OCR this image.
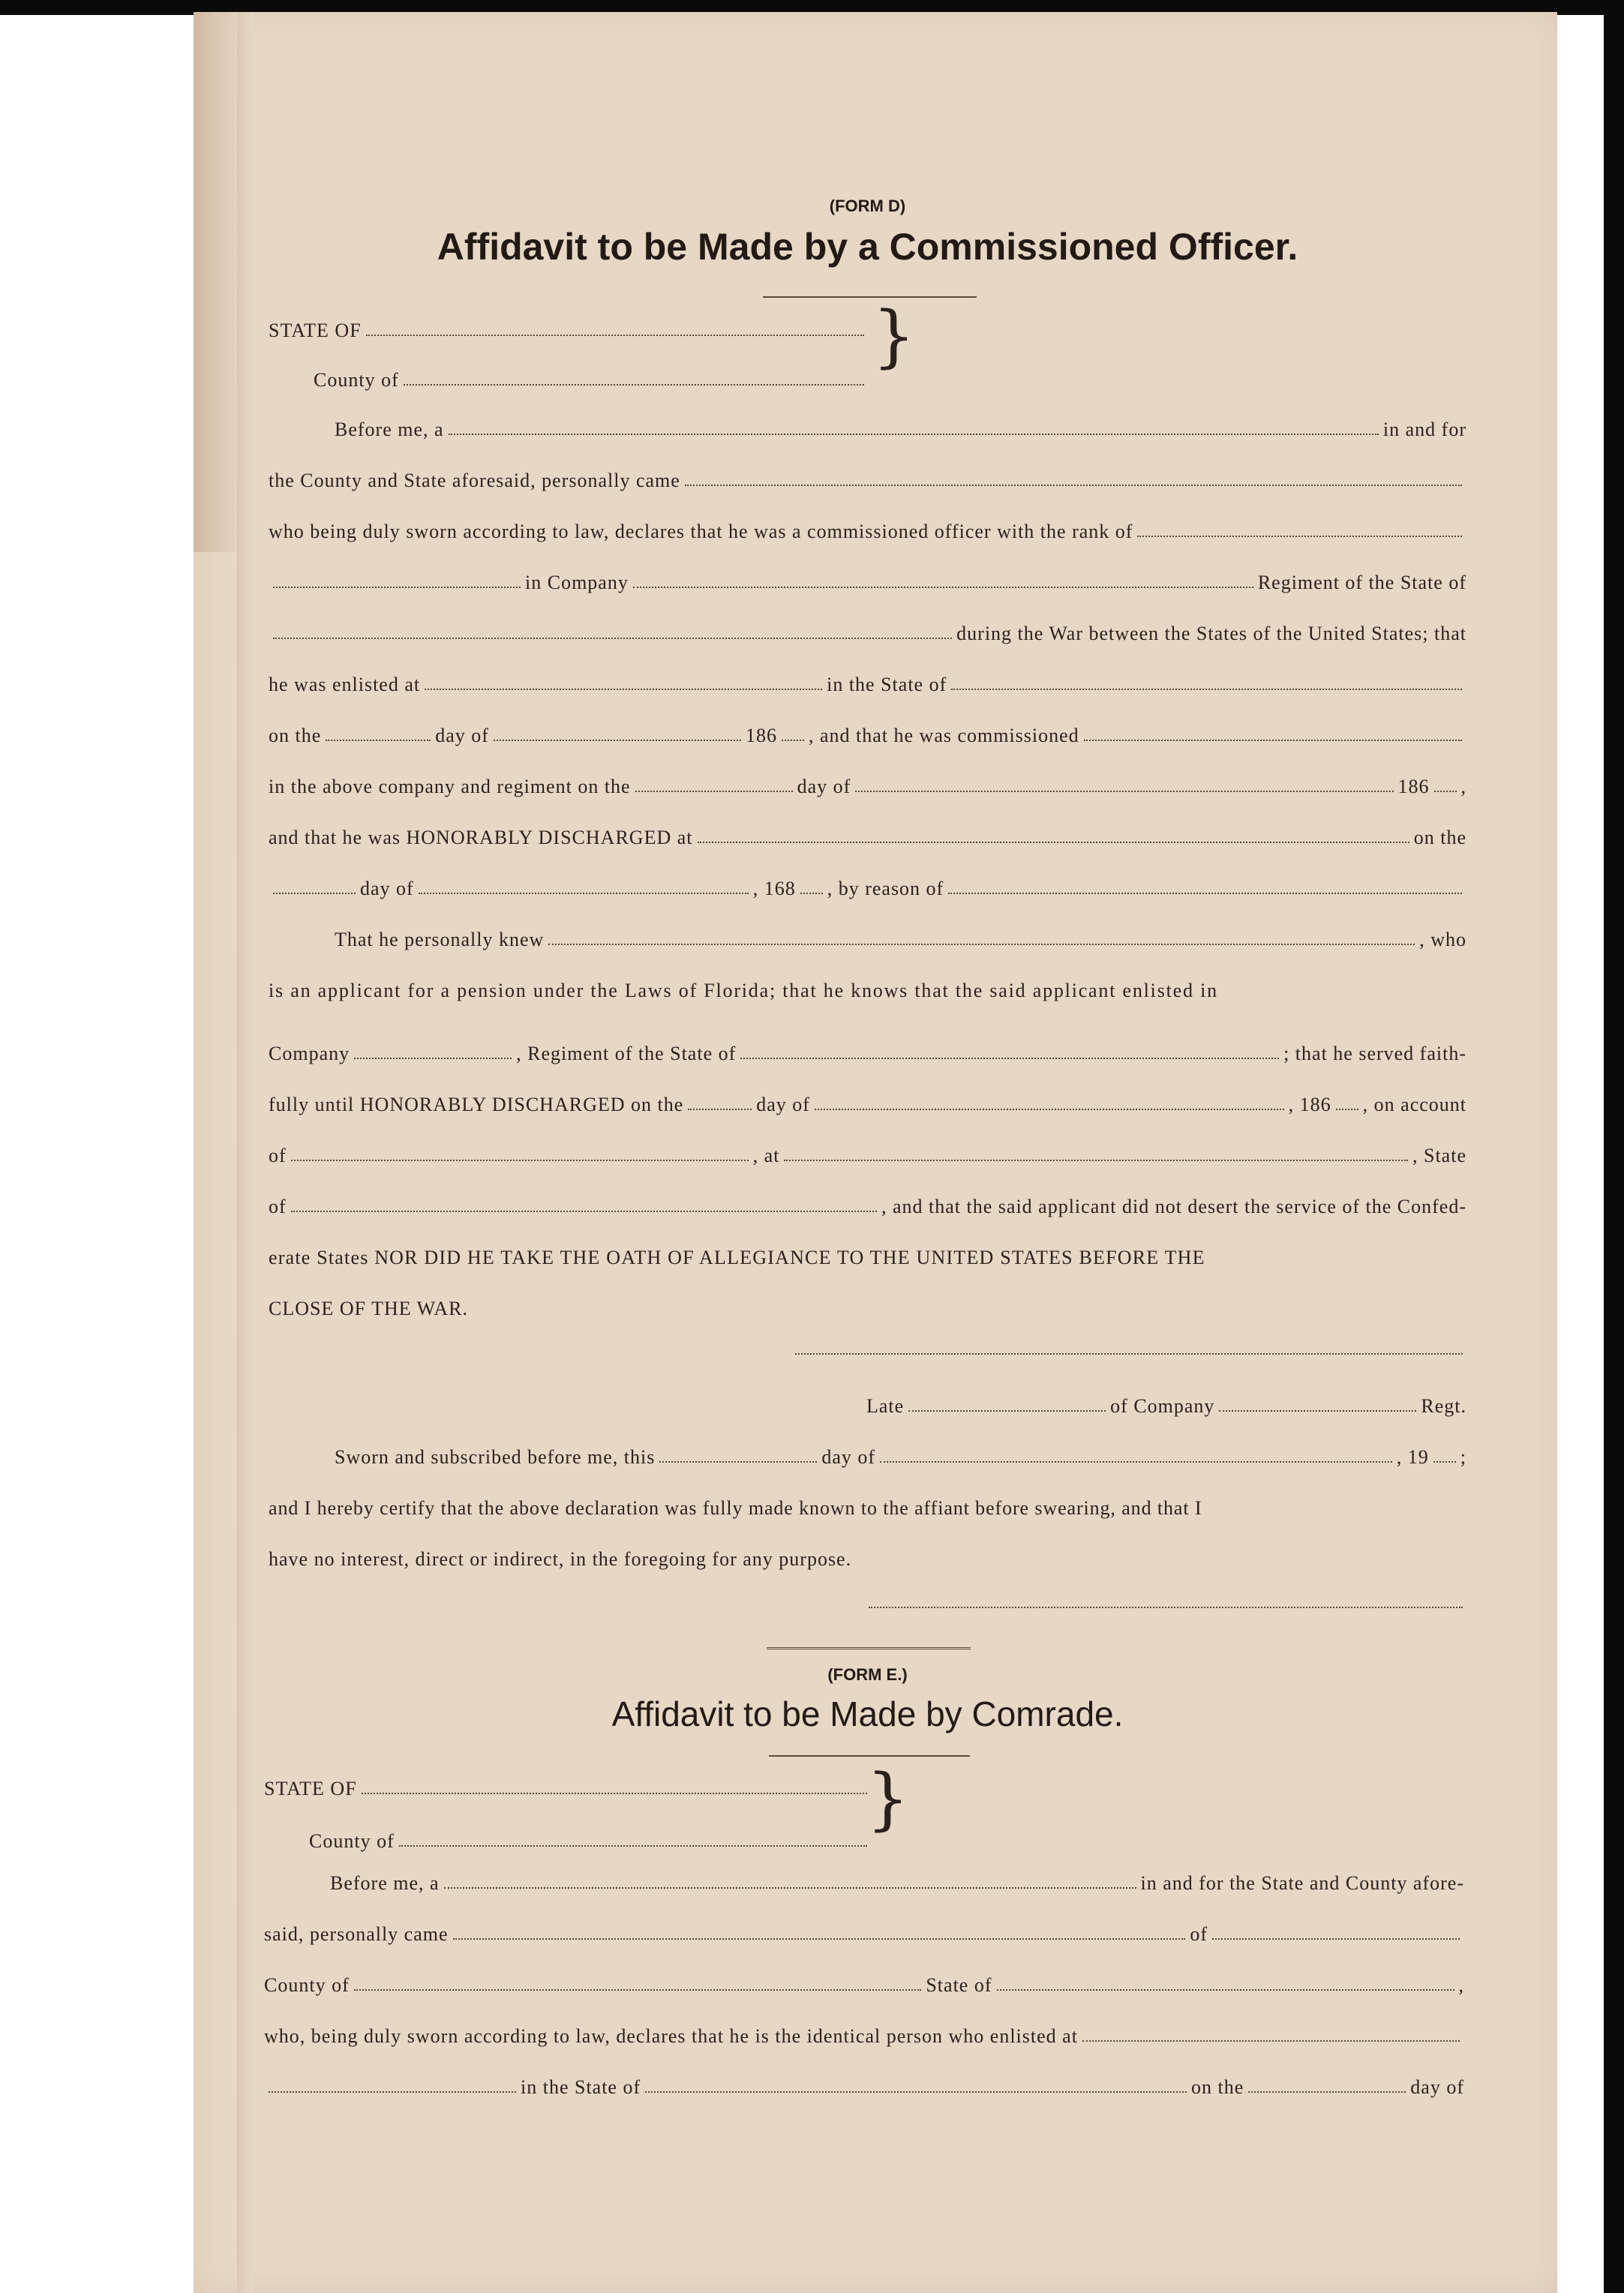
(FORM D)
Affidavit to be Made by a Commissioned Officer.
STATE OF
County of
}
Before me, a	in and for
the County and State aforesaid, personally came
who being duly sworn according to law, declares that he was a commissioned officer with the rank of
in Company	Regiment of the State of
during the War between the States of the United States; that
he was enlisted at	in the State of
on the	day of	186 , and that he was commissioned
in the above company and regiment on the	day of	186 ,
and that he was HONORABLY DISCHARGED at	on the
day of	, 168 , by reason of
That he personally knew	, who
is an applicant for a pension under the Laws of Florida; that he knows that the said applicant enlisted in
Company	, Regiment of the State of	; that he served faith-
fully until HONORABLY DISCHARGED on the	day of	, 186 , on account
of	, at	, State
of	, and that the said applicant did not desert the service of the Confed-
erate States NOR DID HE TAKE THE OATH OF ALLEGIANCE TO THE UNITED STATES BEFORE THE
CLOSE OF THE WAR.
Late	of Company	Regt.
Sworn and subscribed before me, this	day of	, 19 ;
and I hereby certify that the above declaration was fully made known to the affiant before swearing, and that I
have no interest, direct or indirect, in the foregoing for any purpose.
(FORM E.)
Affidavit to be Made by Comrade.
STATE OF
County of
}
Before me, a	in and for the State and County afore-
said, personally came	of
County of	State of	,
who, being duly sworn according to law, declares that he is the identical person who enlisted at
in the State of	on the	day of
